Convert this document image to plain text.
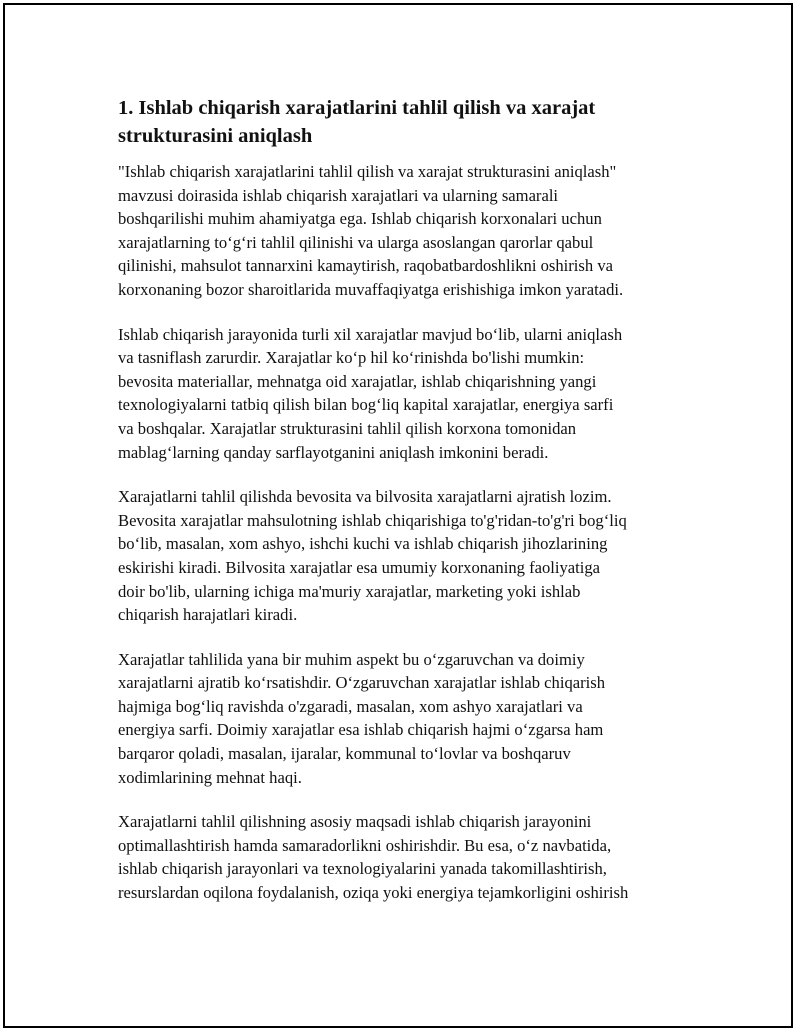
1. Ishlab chiqarish xarajatlarini tahlil qilish va xarajat
strukturasini aniqlash

"Ishlab chiqarish xarajatlarini tahlil qilish va xarajat strukturasini aniqlash"
mavzusi doirasida ishlab chiqarish xarajatlari va ularning samarali
boshqarilishi muhim ahamiyatga ega. Ishlab chiqarish korxonalari uchun
xarajatlarning to‘g‘ri tahlil qilinishi va ularga asoslangan qarorlar qabul
qilinishi, mahsulot tannarxini kamaytirish, raqobatbardoshlikni oshirish va
korxonaning bozor sharoitlarida muvaffaqiyatga erishishiga imkon yaratadi.

Ishlab chiqarish jarayonida turli xil xarajatlar mavjud bo‘lib, ularni aniqlash
va tasniflash zarurdir. Xarajatlar ko‘p hil ko‘rinishda bo'lishi mumkin:
bevosita materiallar, mehnatga oid xarajatlar, ishlab chiqarishning yangi
texnologiyalarni tatbiq qilish bilan bog‘liq kapital xarajatlar, energiya sarfi
va boshqalar. Xarajatlar strukturasini tahlil qilish korxona tomonidan
mablag‘larning qanday sarflayotganini aniqlash imkonini beradi.

Xarajatlarni tahlil qilishda bevosita va bilvosita xarajatlarni ajratish lozim.
Bevosita xarajatlar mahsulotning ishlab chiqarishiga to'g'ridan-to'g'ri bog‘liq
bo‘lib, masalan, xom ashyo, ishchi kuchi va ishlab chiqarish jihozlarining
eskirishi kiradi. Bilvosita xarajatlar esa umumiy korxonaning faoliyatiga
doir bo'lib, ularning ichiga ma'muriy xarajatlar, marketing yoki ishlab
chiqarish harajatlari kiradi.

Xarajatlar tahlilida yana bir muhim aspekt bu o‘zgaruvchan va doimiy
xarajatlarni ajratib ko‘rsatishdir. O‘zgaruvchan xarajatlar ishlab chiqarish
hajmiga bog‘liq ravishda o'zgaradi, masalan, xom ashyo xarajatlari va
energiya sarfi. Doimiy xarajatlar esa ishlab chiqarish hajmi o‘zgarsa ham
barqaror qoladi, masalan, ijaralar, kommunal to‘lovlar va boshqaruv
xodimlarining mehnat haqi.

Xarajatlarni tahlil qilishning asosiy maqsadi ishlab chiqarish jarayonini
optimallashtirish hamda samaradorlikni oshirishdir. Bu esa, o‘z navbatida,
ishlab chiqarish jarayonlari va texnologiyalarini yanada takomillashtirish,
resurslardan oqilona foydalanish, oziqa yoki energiya tejamkorligini oshirish
